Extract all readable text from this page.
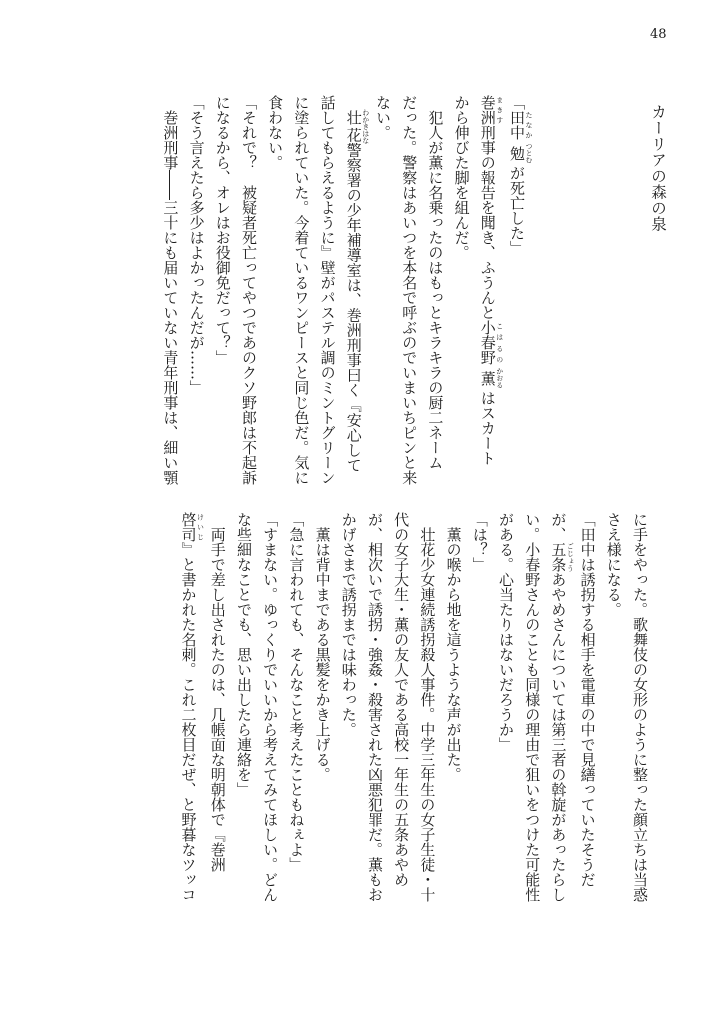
48
カーリアの森の泉
「田中 たなか 勉 つとむ が死亡した」
巻洲 まきす刑事の報告を聞き、ふうんと小春野 こはるの 薫 かおる はスカート
から伸びた脚を組んだ。
　犯人が薫に名乗ったのはもっとキラキラの厨二ネーム
だった。警察はあいつを本名で呼ぶのでいまいちピンと来
ない。
　壮花 わかきはな警察署の少年補導室は、巻洲刑事曰く『安心して
話してもらえるように』壁がパステル調のミントグリーン
に塗られていた。今着ているワンピースと同じ色だ。気に
食わない。
「それで？　被疑者死亡ってやつであのクソ野郎は不起訴
になるから、オレはお役御免だって？」
「そう言えたら多少はよかったんだが……」
　巻洲刑事――三十にも届いていない青年刑事は、細い顎
に手をやった。歌舞伎の女形のように整った顔立ちは当惑
さえ様になる。
「田中は誘拐する相手を電車の中で見繕っていたそうだ
が、五条 ごじょうあやめさんについては第三者の斡旋があったらし
い。小春野さんのことも同様の理由で狙いをつけた可能性
がある。心当たりはないだろうか」
「は？」
　薫の喉から地を這うような声が出た。
　壮花少女連続誘拐殺人事件。中学三年生の女子生徒・十
代の女子大生・薫の友人である高校一年生の五条あやめ
が、相次いで誘拐・強姦・殺害された凶悪犯罪だ。薫もお
かげさまで誘拐までは味わった。
　薫は背中まである黒髪をかき上げる。
「急に言われても、そんなこと考えたこともねぇよ」
「すまない。ゆっくりでいいから考えてみてほしい。どん
な些細なことでも、思い出したら連絡を」
　両手で差し出されたのは、几帳面な明朝体で『巻洲
啓司 けいじ』と書かれた名刺。これ二枚目だぜ、と野暮なツッコ
